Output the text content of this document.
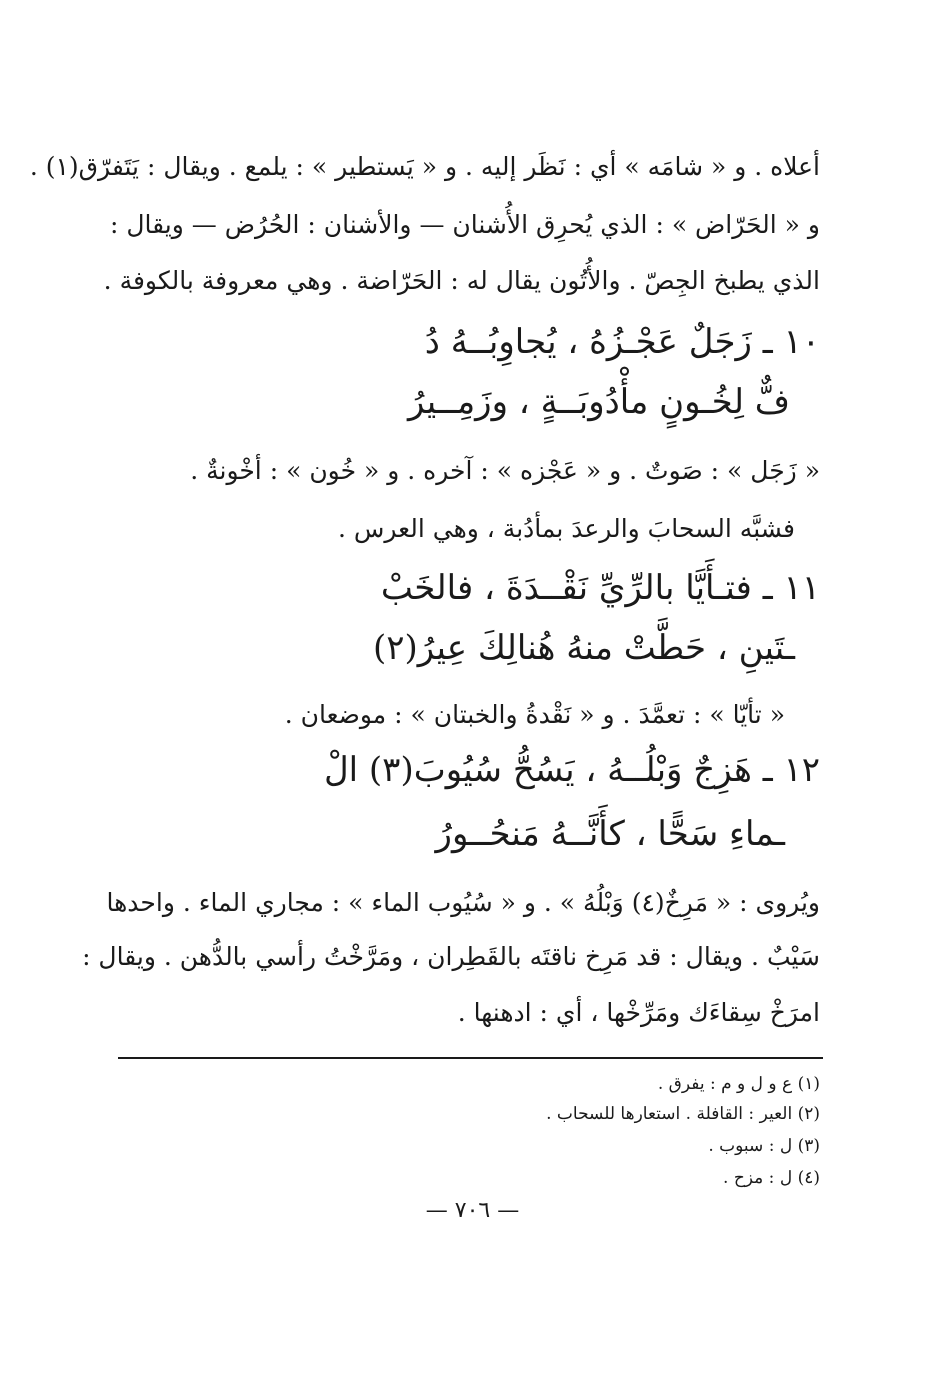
أعلاه . و « شامَه » أي : نَظَر إليه . و « يَستطير » : يلمع . ويقال : يَتَفرّق(١) .
و « الحَرّاض » : الذي يُحرِق الأُشنان — والأشنان : الحُرُض — ويقال :
الذي يطبخ الجِصّ . والأُتُون يقال له : الحَرّاضة . وهي معروفة بالكوفة .
١٠ ـ زَجَلٌ عَجْـزُهُ ، يُجاوِبُــهُ دُ
فٌّ لِخُـونٍ مأْدُوبَــةٍ ، وزَمِــيرُ
« زَجَل » : صَوتٌ . و « عَجْزه » : آخره . و « خُون » : أخْونةٌ .
فشبَّه السحابَ والرعدَ بمأدُبة ، وهي العرس .
١١ ـ فتـأَيَّا بالرِّيِّ نَقْــدَةَ ، فالخَبْ
ـتَينِ ، حَطَّتْ منهُ هُنالِكَ عِيرُ(٢)
« تأيّا » : تعمَّدَ . و « نَقْدةُ والخبتان » : موضعان .
١٢ ـ هَزِجٌ وَبْلُــهُ ، يَسُحُّ سُيُوبَ(٣) الْ
ـماءِ سَحًّا ، كأَنَّــهُ مَنحُــورُ
ويُروى : « مَرِخٌ(٤) وَبْلُهُ » . و « سُيُوب الماء » : مجاري الماء . واحدها
سَيْبٌ . ويقال : قد مَرِخ ناقتَه بالقَطِران ، ومَرَّخْتُ رأسي بالدُّهن . ويقال :
امرَخْ سِقاءَك ومَرِّخْها ، أي : ادهنها .
(١) ع و ل و م : يفرق .
(٢) العير : القافلة . استعارها للسحاب .
(٣) ل : سبوب .
(٤) ل : مزح .
— ٧٠٦ —
